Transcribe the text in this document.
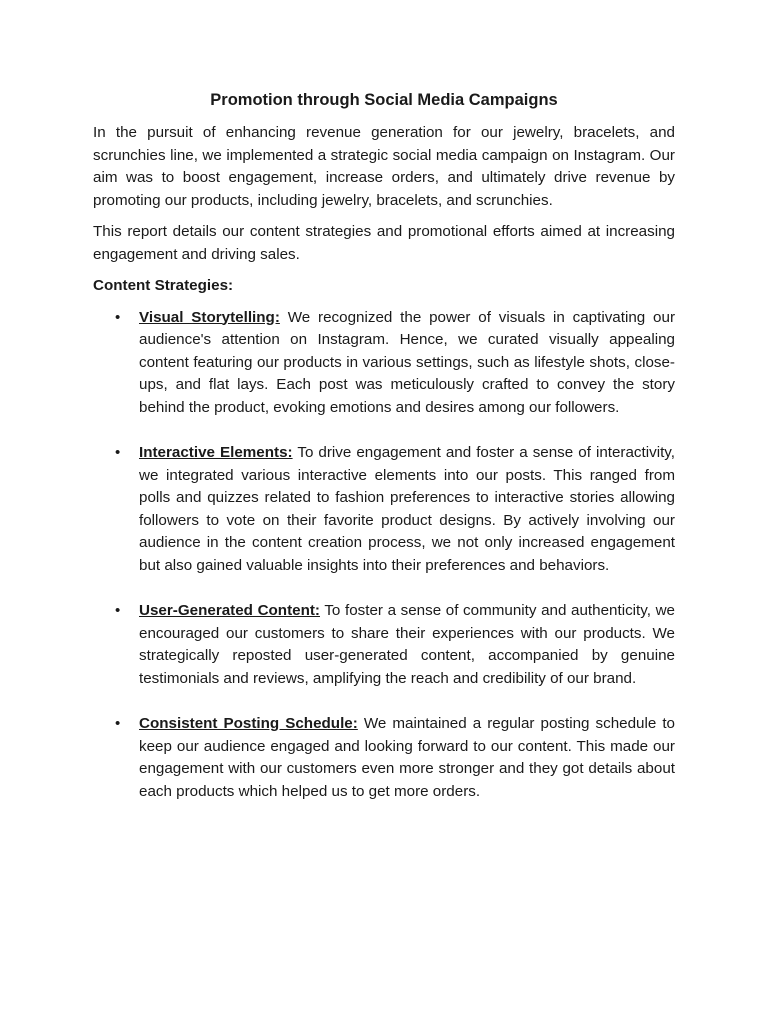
Promotion through Social Media Campaigns

In the pursuit of enhancing revenue generation for our jewelry, bracelets, and scrunchies line, we implemented a strategic social media campaign on Instagram. Our aim was to boost engagement, increase orders, and ultimately drive revenue by promoting our products, including jewelry, bracelets, and scrunchies.

This report details our content strategies and promotional efforts aimed at increasing engagement and driving sales.

Content Strategies:
• Visual Storytelling: We recognized the power of visuals in captivating our audience's attention on Instagram. Hence, we curated visually appealing content featuring our products in various settings, such as lifestyle shots, close-ups, and flat lays. Each post was meticulously crafted to convey the story behind the product, evoking emotions and desires among our followers.
• Interactive Elements: To drive engagement and foster a sense of interactivity, we integrated various interactive elements into our posts. This ranged from polls and quizzes related to fashion preferences to interactive stories allowing followers to vote on their favorite product designs. By actively involving our audience in the content creation process, we not only increased engagement but also gained valuable insights into their preferences and behaviors.
• User-Generated Content: To foster a sense of community and authenticity, we encouraged our customers to share their experiences with our products. We strategically reposted user-generated content, accompanied by genuine testimonials and reviews, amplifying the reach and credibility of our brand.
• Consistent Posting Schedule: We maintained a regular posting schedule to keep our audience engaged and looking forward to our content. This made our engagement with our customers even more stronger and they got details about each products which helped us to get more orders.
